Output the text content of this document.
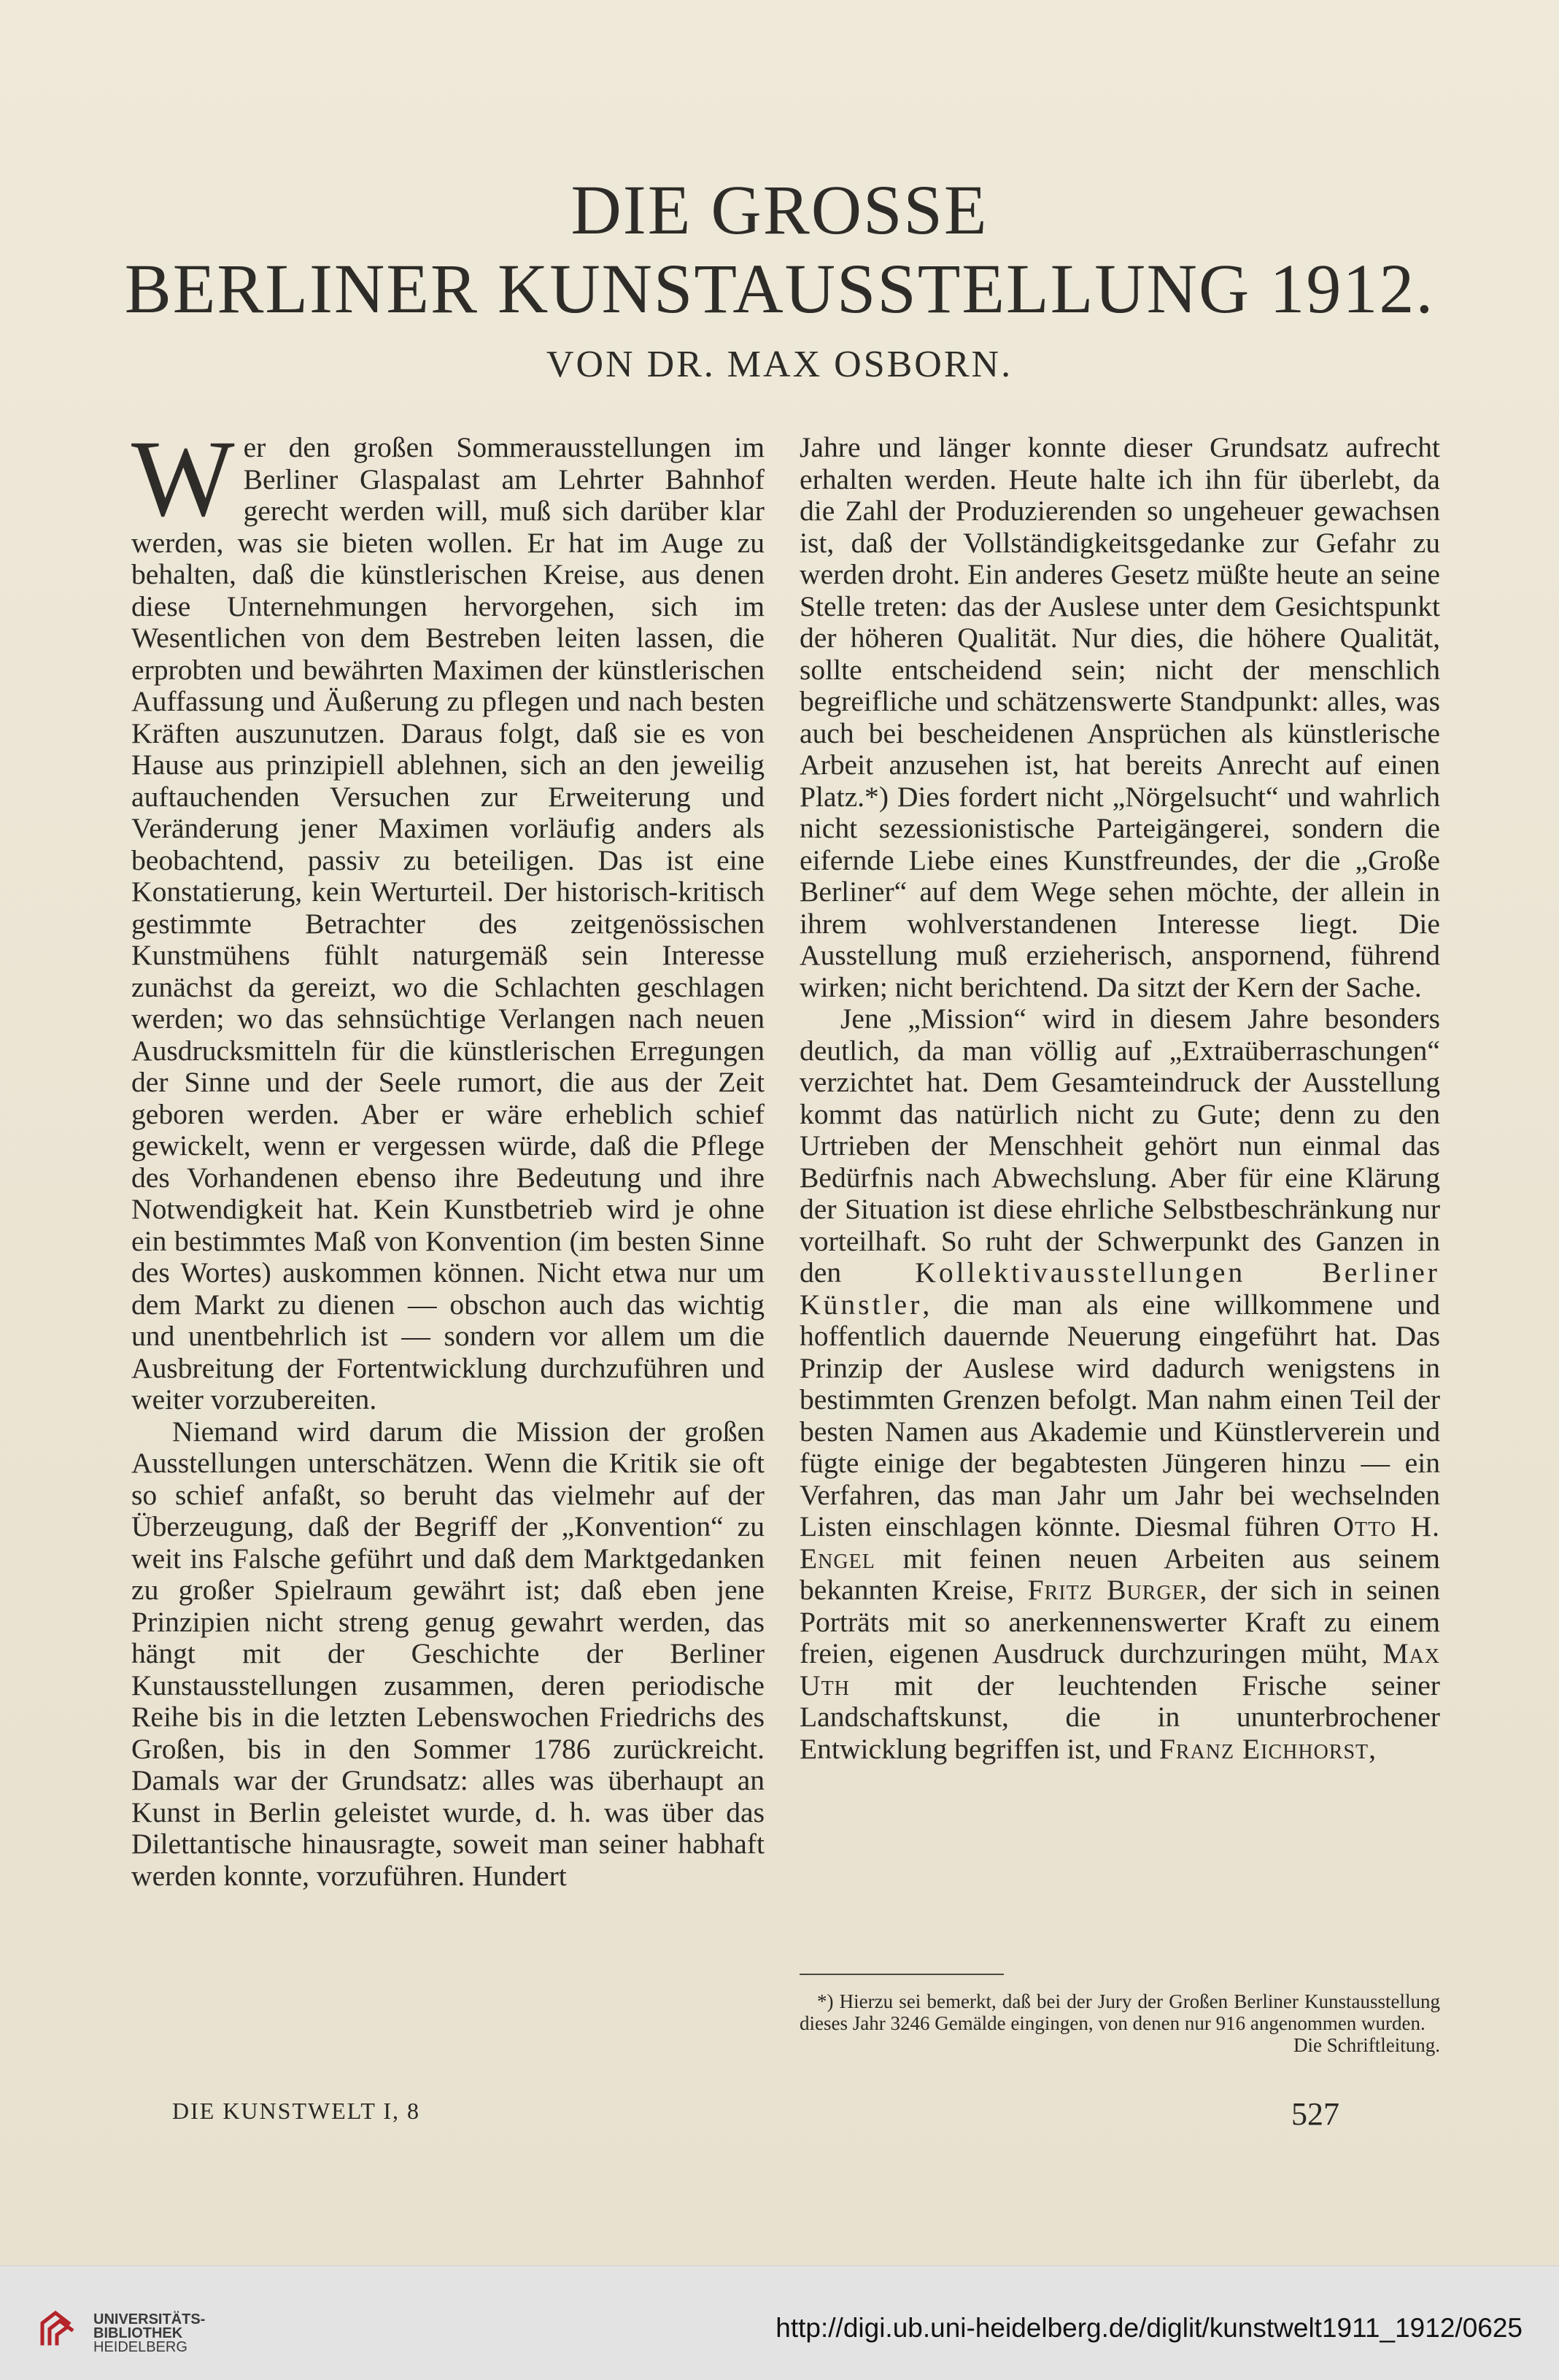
DIE GROSSE
BERLINER KUNSTAUSSTELLUNG 1912.
VON DR. MAX OSBORN.

Wer den großen Sommerausstellungen im Berliner Glaspalast am Lehrter Bahnhof gerecht werden will, muß sich darüber klar werden, was sie bieten wollen. Er hat im Auge zu behalten, daß die künstlerischen Kreise, aus denen diese Unternehmungen hervorgehen, sich im Wesentlichen von dem Bestreben leiten lassen, die erprobten und bewährten Maximen der künstlerischen Auffassung und Äußerung zu pflegen und nach besten Kräften auszunutzen. Daraus folgt, daß sie es von Hause aus prinzipiell ablehnen, sich an den jeweilig auftauchenden Versuchen zur Erweiterung und Veränderung jener Maximen vorläufig anders als beobachtend, passiv zu beteiligen. Das ist eine Konstatierung, kein Werturteil. Der historisch-kritisch gestimmte Betrachter des zeitgenössischen Kunstmühens fühlt naturgemäß sein Interesse zunächst da gereizt, wo die Schlachten geschlagen werden; wo das sehnsüchtige Verlangen nach neuen Ausdrucksmitteln für die künstlerischen Erregungen der Sinne und der Seele rumort, die aus der Zeit geboren werden. Aber er wäre erheblich schief gewickelt, wenn er vergessen würde, daß die Pflege des Vorhandenen ebenso ihre Bedeutung und ihre Notwendigkeit hat. Kein Kunstbetrieb wird je ohne ein bestimmtes Maß von Konvention (im besten Sinne des Wortes) auskommen können. Nicht etwa nur um dem Markt zu dienen — obschon auch das wichtig und unentbehrlich ist — sondern vor allem um die Ausbreitung der Fortentwicklung durchzuführen und weiter vorzubereiten.

Niemand wird darum die Mission der großen Ausstellungen unterschätzen. Wenn die Kritik sie oft so schief anfaßt, so beruht das vielmehr auf der Überzeugung, daß der Begriff der „Konvention“ zu weit ins Falsche geführt und daß dem Marktgedanken zu großer Spielraum gewährt ist; daß eben jene Prinzipien nicht streng genug gewahrt werden, das hängt mit der Geschichte der Berliner Kunstausstellungen zusammen, deren periodische Reihe bis in die letzten Lebenswochen Friedrichs des Großen, bis in den Sommer 1786 zurückreicht. Damals war der Grundsatz: alles was überhaupt an Kunst in Berlin geleistet wurde, d. h. was über das Dilettantische hinausragte, soweit man seiner habhaft werden konnte, vorzuführen. Hundert

Jahre und länger konnte dieser Grundsatz aufrecht erhalten werden. Heute halte ich ihn für überlebt, da die Zahl der Produzierenden so ungeheuer gewachsen ist, daß der Vollständigkeitsgedanke zur Gefahr zu werden droht. Ein anderes Gesetz müßte heute an seine Stelle treten: das der Auslese unter dem Gesichtspunkt der höheren Qualität. Nur dies, die höhere Qualität, sollte entscheidend sein; nicht der menschlich begreifliche und schätzenswerte Standpunkt: alles, was auch bei bescheidenen Ansprüchen als künstlerische Arbeit anzusehen ist, hat bereits Anrecht auf einen Platz.*) Dies fordert nicht „Nörgelsucht“ und wahrlich nicht sezessionistische Parteigängerei, sondern die eifernde Liebe eines Kunstfreundes, der die „Große Berliner“ auf dem Wege sehen möchte, der allein in ihrem wohlverstandenen Interesse liegt. Die Ausstellung muß erzieherisch, anspornend, führend wirken; nicht berichtend. Da sitzt der Kern der Sache.

Jene „Mission“ wird in diesem Jahre besonders deutlich, da man völlig auf „Extraüberraschungen“ verzichtet hat. Dem Gesamteindruck der Ausstellung kommt das natürlich nicht zu Gute; denn zu den Urtrieben der Menschheit gehört nun einmal das Bedürfnis nach Abwechslung. Aber für eine Klärung der Situation ist diese ehrliche Selbstbeschränkung nur vorteilhaft. So ruht der Schwerpunkt des Ganzen in den Kollektivausstellungen Berliner Künstler, die man als eine willkommene und hoffentlich dauernde Neuerung eingeführt hat. Das Prinzip der Auslese wird dadurch wenigstens in bestimmten Grenzen befolgt. Man nahm einen Teil der besten Namen aus Akademie und Künstlerverein und fügte einige der begabtesten Jüngeren hinzu — ein Verfahren, das man Jahr um Jahr bei wechselnden Listen einschlagen könnte. Diesmal führen Otto H. Engel mit feinen neuen Arbeiten aus seinem bekannten Kreise, Fritz Burger, der sich in seinen Porträts mit so anerkennenswerter Kraft zu einem freien, eigenen Ausdruck durchzuringen müht, Max Uth mit der leuchtenden Frische seiner Landschaftskunst, die in ununterbrochener Entwicklung begriffen ist, und Franz Eichhorst,

*) Hierzu sei bemerkt, daß bei der Jury der Großen Berliner Kunstausstellung dieses Jahr 3246 Gemälde eingingen, von denen nur 916 angenommen wurden.
Die Schriftleitung.

DIE KUNSTWELT I, 8	527
UNIVERSITÄTS-
BIBLIOTHEK
HEIDELBERG
http://digi.ub.uni-heidelberg.de/diglit/kunstwelt1911_1912/0625
